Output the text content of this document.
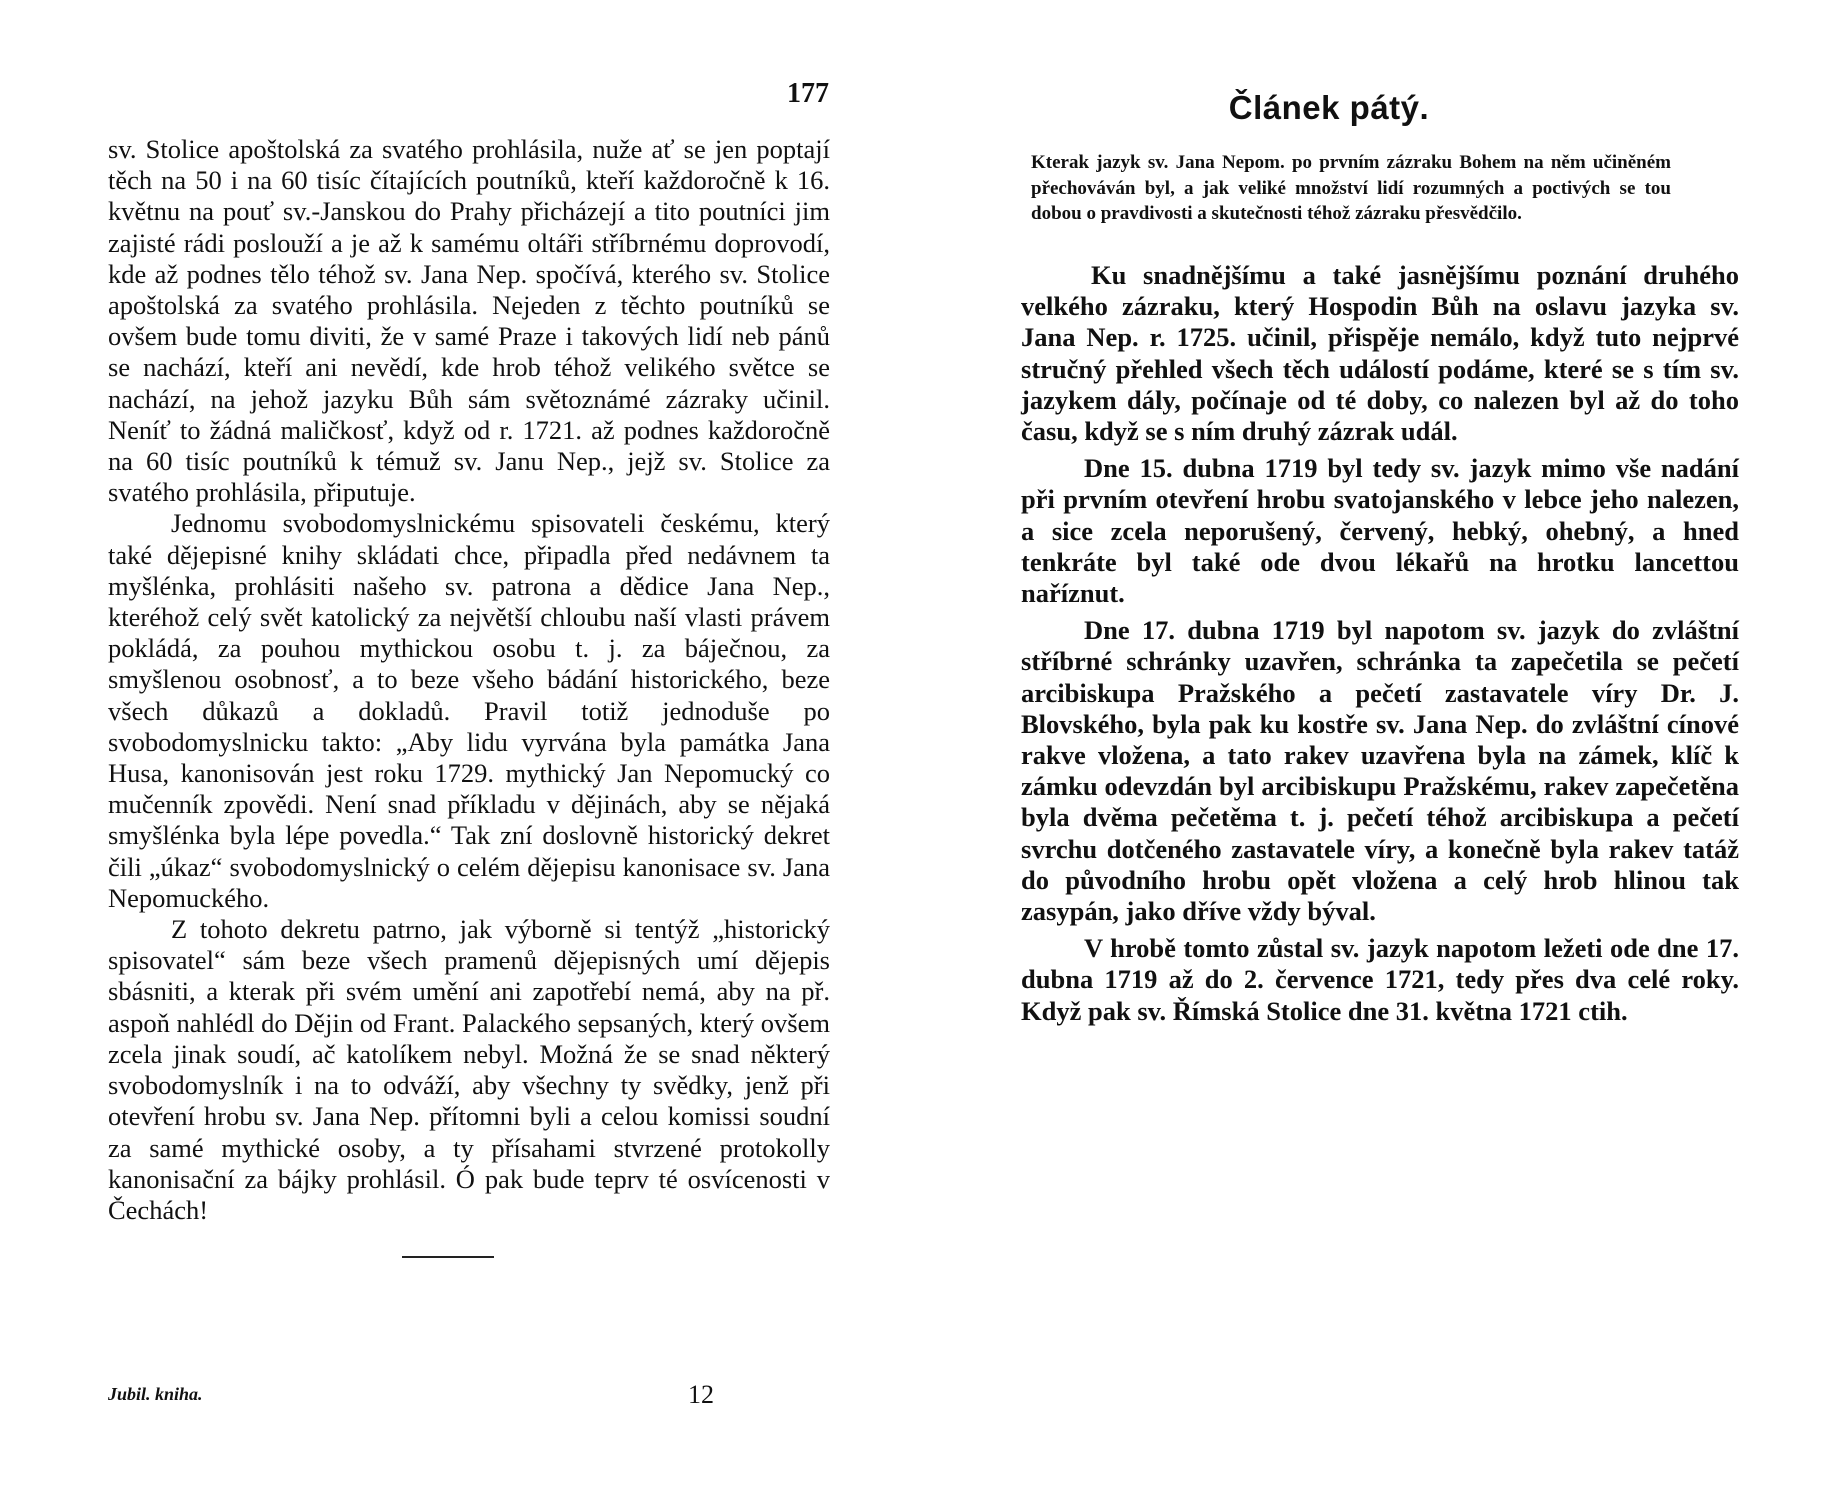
177

sv. Stolice apoštolská za svatého prohlásila, nuže ať se jen poptají těch na 50 i na 60 tisíc čítajících poutníků, kteří každoročně k 16. květnu na pouť sv.-Janskou do Prahy přicházejí a tito poutníci jim zajisté rádi poslouží a je až k samému oltáři stříbrnému doprovodí, kde až podnes tělo téhož sv. Jana Nep. spočívá, kterého sv. Stolice apoštolská za svatého prohlásila. Nejeden z těchto poutníků se ovšem bude tomu diviti, že v samé Praze i takových lidí neb pánů se nachází, kteří ani nevědí, kde hrob téhož velikého světce se nachází, na jehož jazyku Bůh sám světoznámé zázraky učinil. Neníť to žádná maličkosť, když od r. 1721. až podnes každoročně na 60 tisíc poutníků k témuž sv. Janu Nep., jejž sv. Stolice za svatého prohlásila, připutuje.

Jednomu svobodomyslnickému spisovateli českému, který také dějepisné knihy skládati chce, připadla před nedávnem ta myšlénka, prohlásiti našeho sv. patrona a dědice Jana Nep., kteréhož celý svět katolický za největší chloubu naší vlasti právem pokládá, za pouhou mythickou osobu t. j. za báječnou, za smyšlenou osobnosť, a to beze všeho bádání historického, beze všech důkazů a dokladů. Pravil totiž jednoduše po svobodomyslnicku takto: „Aby lidu vyrvána byla památka Jana Husa, kanonisován jest roku 1729. mythický Jan Nepomucký co mučenník zpovědi. Není snad příkladu v dějinách, aby se nějaká smyšlénka byla lépe povedla.“ Tak zní doslovně historický dekret čili „úkaz“ svobodomyslnický o celém dějepisu kanonisace sv. Jana Nepomuckého.

Z tohoto dekretu patrno, jak výborně si tentýž „historický spisovatel“ sám beze všech pramenů dějepisných umí dějepis sbásniti, a kterak při svém umění ani zapotřebí nemá, aby na př. aspoň nahlédl do Dějin od Frant. Palackého sepsaných, který ovšem zcela jinak soudí, ač katolíkem nebyl. Možná že se snad některý svobodomyslník i na to odváží, aby všechny ty svědky, jenž při otevření hrobu sv. Jana Nep. přítomni byli a celou komissi soudní za samé mythické osoby, a ty přísahami stvrzené protokolly kanonisační za bájky prohlásil. Ó pak bude teprv té osvícenosti v Čechách!

Jubil. kniha.	12
Článek pátý.
Kterak jazyk sv. Jana Nepom. po prvním zázraku Bohem na něm učiněném přechováván byl, a jak veliké množství lidí rozumných a poctivých se tou dobou o pravdivosti a skutečnosti téhož zázraku přesvědčilo.

Ku snadnějšímu a také jasnějšímu poznání druhého velkého zázraku, který Hospodin Bůh na oslavu jazyka sv. Jana Nep. r. 1725. učinil, přispěje nemálo, když tuto nejprvé stručný přehled všech těch událostí podáme, které se s tím sv. jazykem dály, počínaje od té doby, co nalezen byl až do toho času, když se s ním druhý zázrak udál.

Dne 15. dubna 1719 byl tedy sv. jazyk mimo vše nadání při prvním otevření hrobu svatojanského v lebce jeho nalezen, a sice zcela neporušený, červený, hebký, ohebný, a hned tenkráte byl také ode dvou lékařů na hrotku lancettou naříznut.

Dne 17. dubna 1719 byl napotom sv. jazyk do zvláštní stříbrné schránky uzavřen, schránka ta zapečetila se pečetí arcibiskupa Pražského a pečetí zastavatele víry Dr. J. Blovského, byla pak ku kostře sv. Jana Nep. do zvláštní cínové rakve vložena, a tato rakev uzavřena byla na zámek, klíč k zámku odevzdán byl arcibiskupu Pražskému, rakev zapečetěna byla dvěma pečetěma t. j. pečetí téhož arcibiskupa a pečetí svrchu dotčeného zastavatele víry, a konečně byla rakev tatáž do původního hrobu opět vložena a celý hrob hlinou tak zasypán, jako dříve vždy býval.

V hrobě tomto zůstal sv. jazyk napotom ležeti ode dne 17. dubna 1719 až do 2. července 1721, tedy přes dva celé roky. Když pak sv. Římská Stolice dne 31. května 1721 ctih.
